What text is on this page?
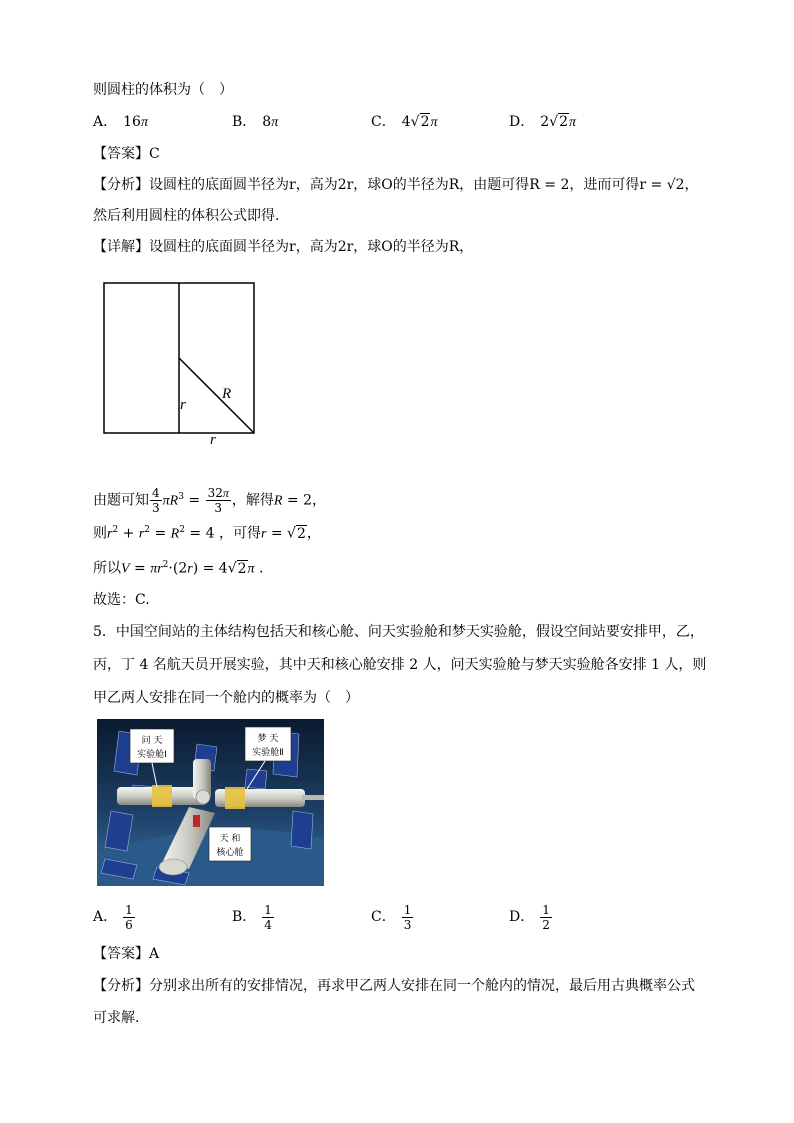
则圆柱的体积为（　）
A． 16π	B． 8π	C． 4√2π	D． 2√2π
【答案】C
【分析】设圆柱的底面圆半径为r，高为2r，球O的半径为R，由题可得R = 2，进而可得r = √2，
然后利用圆柱的体积公式即得.
【详解】设圆柱的底面圆半径为r，高为2r，球O的半径为R，
r
R
r
由题可知 $\frac{4}{3} \pi R^3 = \frac{32\pi}{3}$ ，解得R = 2，
则$r^2 + r^2 = R^2 = 4$ ，可得r = √2，
所以$V = \pi r^2\cdot(2r) = 4√2\pi$ .
故选：C.
5．中国空间站的主体结构包括天和核心舱、问天实验舱和梦天实验舱，假设空间站要安排甲，乙，
丙，丁 4 名航天员开展实验，其中天和核心舱安排 2 人，问天实验舱与梦天实验舱各安排 1 人，则
甲乙两人安排在同一个舱内的概率为（　）
问 天
实验舱Ⅰ
梦 天
实验舱Ⅱ
天 和
核心舱
A． $\frac{1}{6}$	B． $\frac{1}{4}$	C． $\frac{1}{3}$	D． $\frac{1}{2}$
【答案】A
【分析】分别求出所有的安排情况，再求甲乙两人安排在同一个舱内的情况，最后用古典概率公式
可求解.
